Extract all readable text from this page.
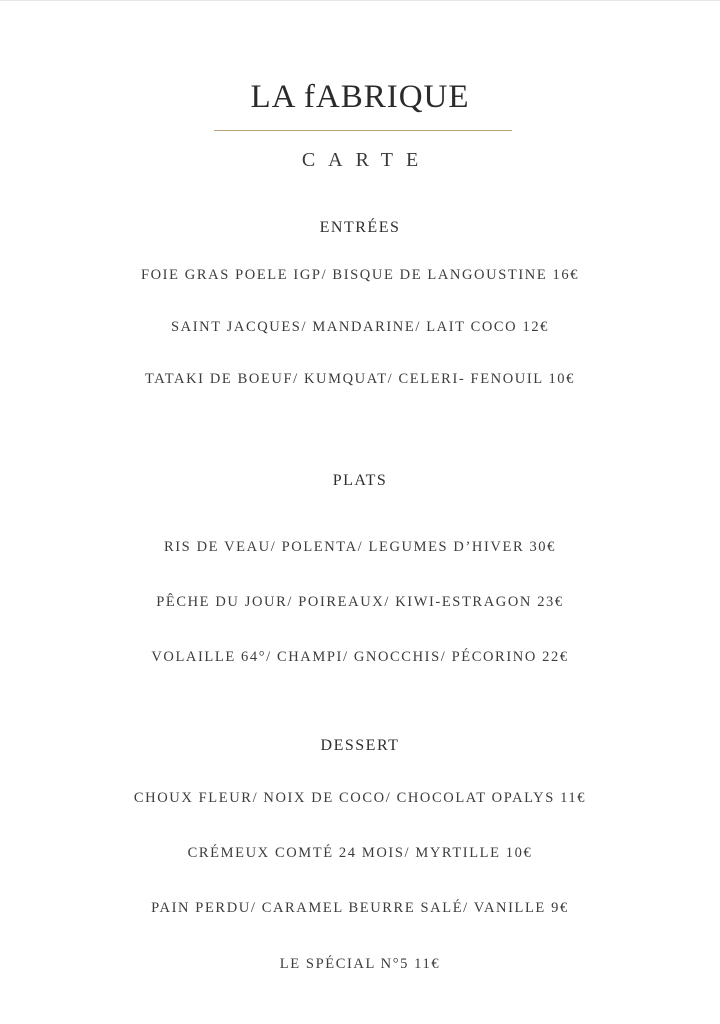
LA fABRIQUE
CARTE
ENTRÉES
FOIE GRAS POELE IGP/ BISQUE DE LANGOUSTINE 16€
SAINT JACQUES/ MANDARINE/ LAIT COCO 12€
TATAKI DE BOEUF/ KUMQUAT/ CELERI- FENOUIL 10€
PLATS
RIS DE VEAU/ POLENTA/ LEGUMES D’HIVER 30€
PÊCHE DU JOUR/ POIREAUX/ KIWI-ESTRAGON 23€
VOLAILLE 64°/ CHAMPI/ GNOCCHIS/ PÉCORINO 22€
DESSERT
CHOUX FLEUR/ NOIX DE COCO/ CHOCOLAT OPALYS 11€
CRÉMEUX COMTÉ 24 MOIS/ MYRTILLE 10€
PAIN PERDU/ CARAMEL BEURRE SALÉ/ VANILLE 9€
LE SPÉCIAL N°5 11€
